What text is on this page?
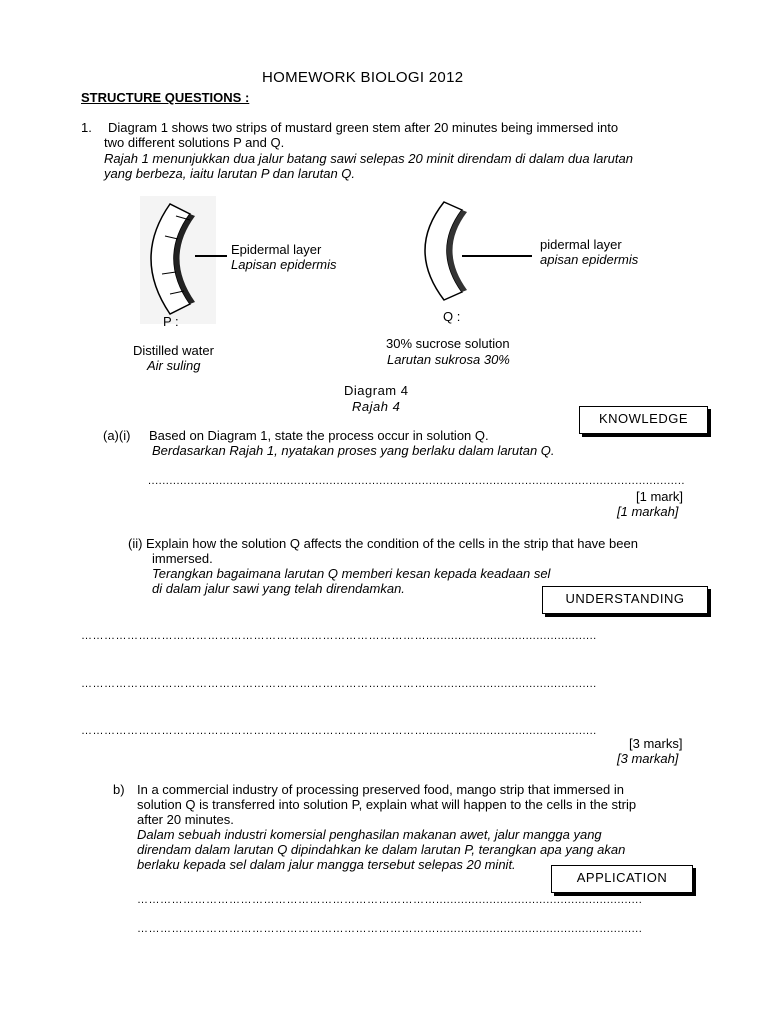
HOMEWORK BIOLOGI 2012
STRUCTURE QUESTIONS :
1. Diagram 1 shows two strips of mustard green stem after 20 minutes being immersed into
two different solutions P and Q.
Rajah 1 menunjukkan dua jalur batang sawi selepas 20 minit direndam di dalam dua larutan
yang berbeza, iaitu larutan P dan larutan Q.
Epidermal layer
Lapisan epidermis
P :
Distilled water
Air suling
pidermal layer
apisan epidermis
Q :
30% sucrose solution
Larutan sukrosa 30%
Diagram 4
Rajah 4
KNOWLEDGE
(a)(i) Based on Diagram 1, state the process occur in solution Q.
Berdasarkan Rajah 1, nyatakan proses yang berlaku dalam larutan Q.
.......................................................................................................................................................
[1 mark]
[1 markah]
(ii) Explain how the solution Q affects the condition of the cells in the strip that have been
immersed.
Terangkan bagaimana larutan Q memberi kesan kepada keadaan sel
di dalam jalur sawi yang telah direndamkan.
UNDERSTANDING
………………………………………………………………………………................................................
………………………………………………………………………………................................................
………………………………………………………………………………................................................
[3 marks]
[3 markah]
b) In a commercial industry of processing preserved food, mango strip that immersed in
solution Q is transferred into solution P, explain what will happen to the cells in the strip
after 20 minutes.
Dalam sebuah industri komersial penghasilan makanan awet, jalur mangga yang
direndam dalam larutan Q dipindahkan ke dalam larutan P, terangkan apa yang akan
berlaku kepada sel dalam jalur mangga tersebut selepas 20 minit.
……………………………………………………………………..........................................................
APPLICATION
……………………………………………………………………..........................................................
